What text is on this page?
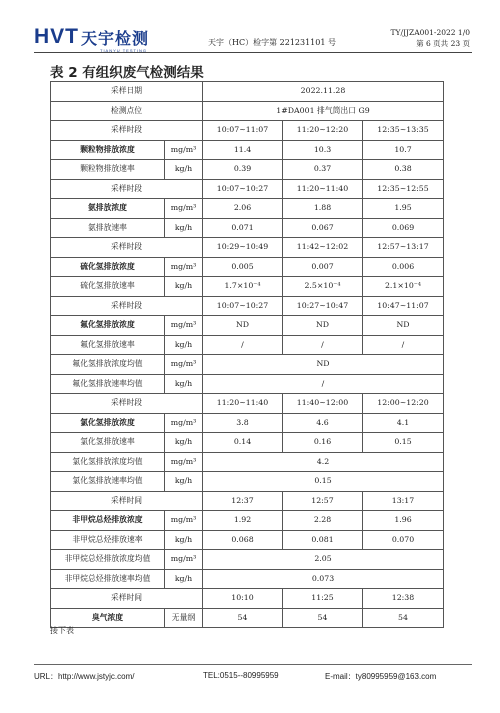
HVT 天宇检测
TIANYU TESTING
天宇（HC）检字第 221231101 号
TY/JJZA001-2022 1/0
第 6 页共 23 页
表 2 有组织废气检测结果
采样日期		2022.11.28		
检测点位		1#DA001 排气筒出口 G9		
采样时段		10:07~11:07	11:20~12:20	12:35~13:35
颗粒物排放浓度	mg/m³	11.4	10.3	10.7
颗粒物排放速率	kg/h	0.39	0.37	0.38
采样时段		10:07~10:27	11:20~11:40	12:35~12:55
氨排放浓度	mg/m³	2.06	1.88	1.95
氨排放速率	kg/h	0.071	0.067	0.069
采样时段		10:29~10:49	11:42~12:02	12:57~13:17
硫化氢排放浓度	mg/m³	0.005	0.007	0.006
硫化氢排放速率	kg/h	1.7×10⁻⁴	2.5×10⁻⁴	2.1×10⁻⁴
采样时段		10:07~10:27	10:27~10:47	10:47~11:07
氟化氢排放浓度	mg/m³	ND	ND	ND
氟化氢排放速率	kg/h	/	/	/
氟化氢排放浓度均值	mg/m³	ND		
氟化氢排放速率均值	kg/h	/		
采样时段		11:20~11:40	11:40~12:00	12:00~12:20
氯化氢排放浓度	mg/m³	3.8	4.6	4.1
氯化氢排放速率	kg/h	0.14	0.16	0.15
氯化氢排放浓度均值	mg/m³	4.2		
氯化氢排放速率均值	kg/h	0.15		
采样时间		12:37	12:57	13:17
非甲烷总烃排放浓度	mg/m³	1.92	2.28	1.96
非甲烷总烃排放速率	kg/h	0.068	0.081	0.070
非甲烷总烃排放浓度均值	mg/m³	2.05		
非甲烷总烃排放速率均值	kg/h	0.073		
采样时间		10:10	11:25	12:38
臭气浓度	无量纲	54	54	54
接下表
URL：http://www.jstyjc.com/	TEL:0515--80995959	E-mail：ty80995959@163.com
